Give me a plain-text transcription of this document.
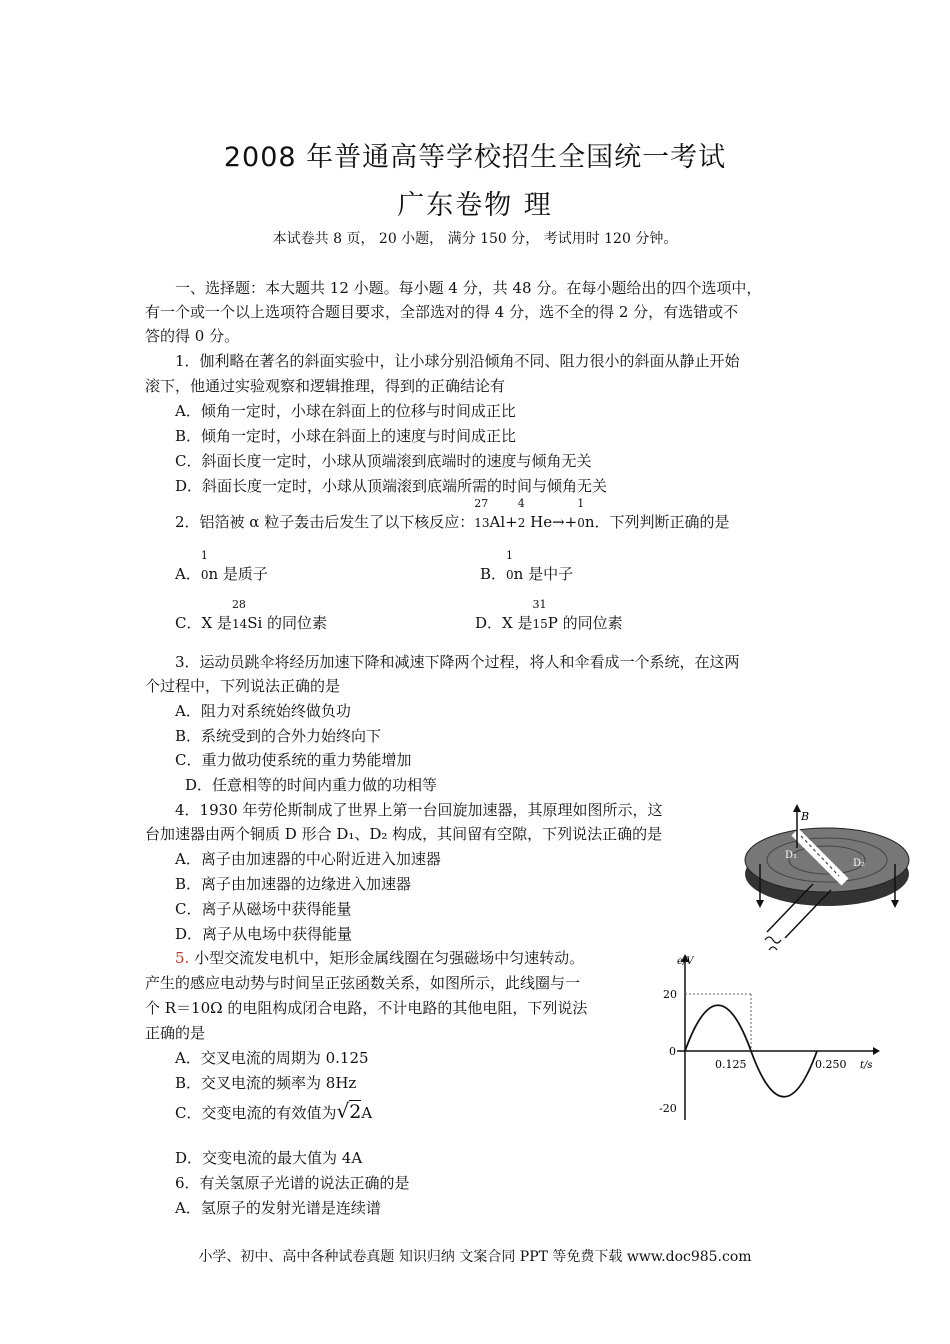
2008 年普通高等学校招生全国统一考试
广东卷物 理
本试卷共 8 页， 20 小题， 满分 150 分， 考试用时 120 分钟。
一、选择题：本大题共 12 小题。每小题 4 分，共 48 分。在每小题给出的四个选项中，
有一个或一个以上选项符合题目要求，全部选对的得 4 分，选不全的得 2 分，有选错或不
答的得 0 分。
1．伽利略在著名的斜面实验中，让小球分别沿倾角不同、阻力很小的斜面从静止开始
滚下，他通过实验观察和逻辑推理，得到的正确结论有
A．倾角一定时，小球在斜面上的位移与时间成正比
B．倾角一定时，小球在斜面上的速度与时间成正比
C．斜面长度一定时，小球从顶端滚到底端时的速度与倾角无关
D．斜面长度一定时，小球从顶端滚到底端所需的时间与倾角无关
2．铝箔被 α 粒子轰击后发生了以下核反应：
27
13Al+
4
2 He→+
1
0n．下列判断正确的是
A．
1
0n 是质子	B．
1
0n 是中子
C．X 是
28
14Si 的同位素	D．X 是
31
15P 的同位素
3．运动员跳伞将经历加速下降和减速下降两个过程，将人和伞看成一个系统，在这两
个过程中，下列说法正确的是
A．阻力对系统始终做负功
B．系统受到的合外力始终向下
C．重力做功使系统的重力势能增加
D．任意相等的时间内重力做的功相等
4．1930 年劳伦斯制成了世界上第一台回旋加速器，其原理如图所示，这
台加速器由两个铜质 D 形合 D₁、D₂ 构成，其间留有空隙，下列说法正确的是
A．离子由加速器的中心附近进入加速器
B．离子由加速器的边缘进入加速器
C．离子从磁场中获得能量
D．离子从电场中获得能量
B
D₁
D₂
5. 小型交流发电机中，矩形金属线圈在匀强磁场中匀速转动。
产生的感应电动势与时间呈正弦函数关系，如图所示，此线圈与一
个 R＝10Ω 的电阻构成闭合电路，不计电路的其他电阻，下列说法
正确的是
A．交叉电流的周期为 0.125
B．交叉电流的频率为 8Hz
C．交变电流的有效值为√2A
D．交变电流的最大值为 4A
e/V
t/s
20
0
-20
0.125	0.250
6．有关氢原子光谱的说法正确的是
A．氢原子的发射光谱是连续谱
小学、初中、高中各种试卷真题 知识归纳 文案合同 PPT 等免费下载 www.doc985.com
